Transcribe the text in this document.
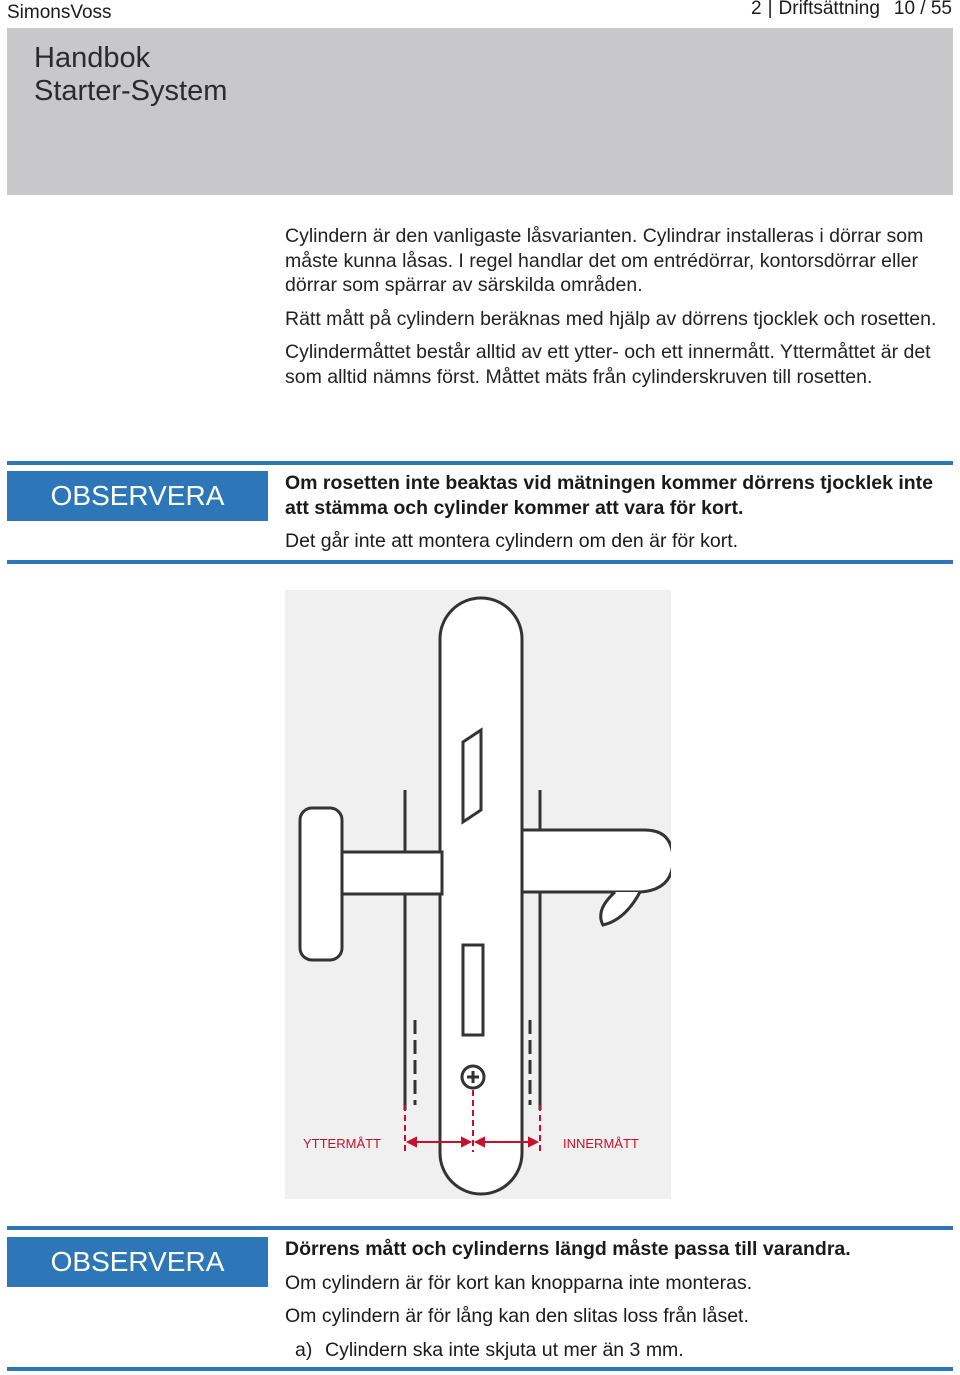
SimonsVoss	2 | Driftsättning 10 / 55
Handbok
Starter-System

Cylindern är den vanligaste låsvarianten. Cylindrar installeras i dörrar som måste kunna låsas. I regel handlar det om entrédörrar, kontorsdörrar eller dörrar som spärrar av särskilda områden.

Rätt mått på cylindern beräknas med hjälp av dörrens tjocklek och rosetten.

Cylindermåttet består alltid av ett ytter- och ett innermått. Yttermåttet är det som alltid nämns först. Måttet mäts från cylinderskruven till rosetten.

OBSERVERA	Om rosetten inte beaktas vid mätningen kommer dörrens tjocklek inte att stämma och cylinder kommer att vara för kort.
Det går inte att montera cylindern om den är för kort.
YTTERMÅTT	INNERMÅTT
OBSERVERA	Dörrens mått och cylinderns längd måste passa till varandra.
Om cylindern är för kort kan knopparna inte monteras.
Om cylindern är för lång kan den slitas loss från låset.
a) Cylindern ska inte skjuta ut mer än 3 mm.
